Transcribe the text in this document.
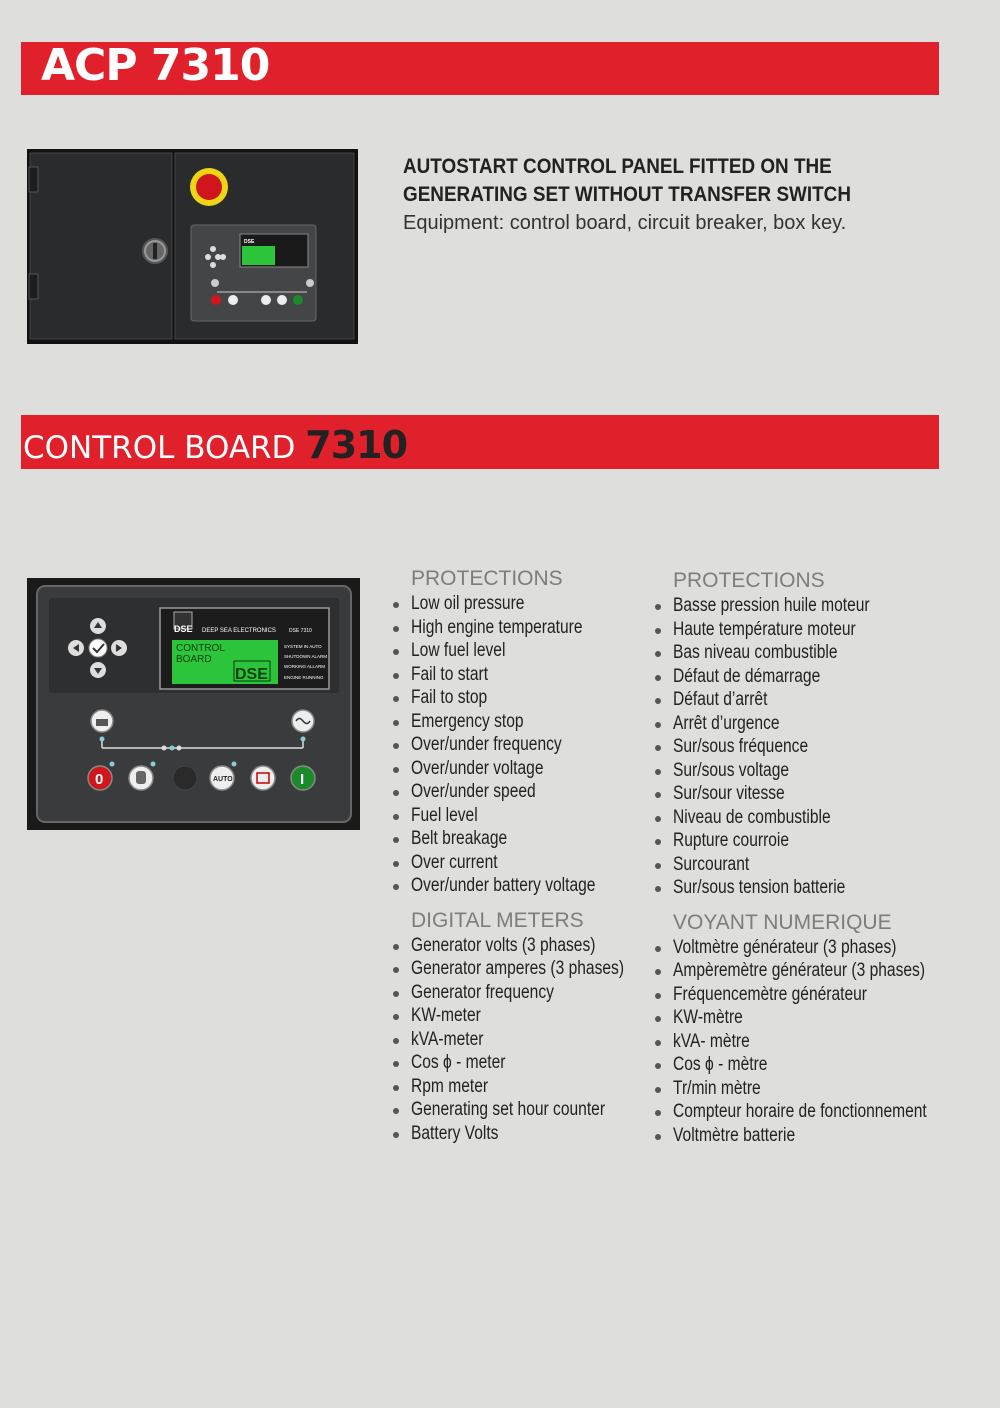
ACP 7310
DSE
AUTOSTART CONTROL PANEL FITTED ON THE
GENERATING SET WITHOUT TRANSFER SWITCH
Equipment: control board, circuit breaker, box key.
CONTROL BOARD 7310
DSE DEEP SEA ELECTRONICS	DSE 7310
CONTROL
BOARD
DSE
SYSTEM IN AUTO
SHUTDOWN ALARM
WORKING ALLARM
ENGINE RUNNING
0	AUTO	I
PROTECTIONS
Low oil pressure
High engine temperature
Low fuel level
Fail to start
Fail to stop
Emergency stop
Over/under frequency
Over/under voltage
Over/under speed
Fuel level
Belt breakage
Over current
Over/under battery voltage
DIGITAL METERS
Generator volts (3 phases)
Generator amperes (3 phases)
Generator frequency
KW-meter
kVA-meter
Cos ϕ - meter
Rpm meter
Generating set hour counter
Battery Volts
PROTECTIONS
Basse pression huile moteur
Haute température moteur
Bas niveau combustible
Défaut de démarrage
Défaut d’arrêt
Arrêt d’urgence
Sur/sous fréquence
Sur/sous voltage
Sur/sour vitesse
Niveau de combustible
Rupture courroie
Surcourant
Sur/sous tension batterie
VOYANT NUMERIQUE
Voltmètre générateur (3 phases)
Ampèremètre générateur (3 phases)
Fréquencemètre générateur
KW-mètre
kVA- mètre
Cos ϕ - mètre
Tr/min mètre
Compteur horaire de fonctionnement
Voltmètre batterie
